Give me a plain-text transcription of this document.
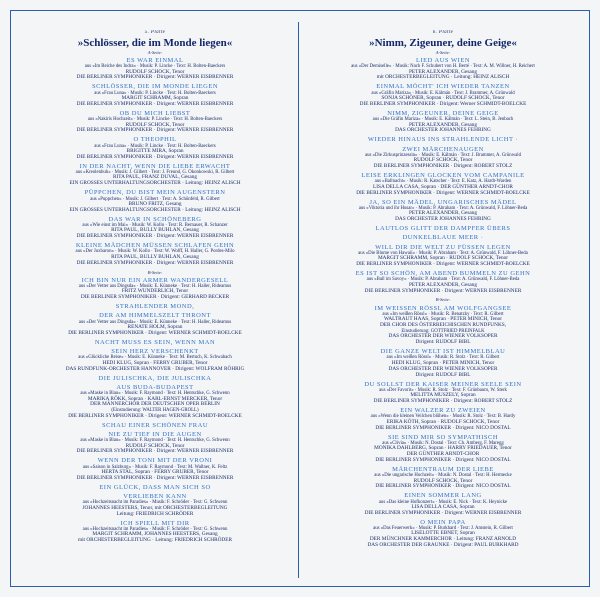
5. Platte
»Schlösser, die im Monde liegen«
A-Seite:
ES WAR EINMAL
aus »Im Reiche des Indra« · Musik: P. Lincke · Text: H. Bolten-Baeckers
RUDOLF SCHOCK, Tenor
DIE BERLINER SYMPHONIKER · Dirigent: WERNER EISBRENNER
SCHLÖSSER, DIE IM MONDE LIEGEN
aus »Frau Luna« · Musik: P. Lincke · Text: H. Bolten-Baeckers
MARGIT SCHRAMM, Sopran
DIE BERLINER SYMPHONIKER · Dirigent: WERNER EISBRENNER
OB DU MICH LIEBST
aus »Nakiris Hochzeit« · Musik: P. Lincke · Text: H. Bolten-Baeckers
RUDOLF SCHOCK, Tenor
DIE BERLINER SYMPHONIKER · Dirigent: WERNER EISBRENNER
O THEOPHIL
aus »Frau Luna« · Musik: P. Lincke · Text: H. Bolten-Baeckers
BRIGITTE MIRA, Sopran
DIE BERLINER SYMPHONIKER · Dirigent: WERNER EISBRENNER
IN DER NACHT, WENN DIE LIEBE ERWACHT
aus »Kreolenbuh« · Musik: J. Gilbert · Text: J. Freund, G. Okonkowski, R. Gilbert
RITA PAUL, FRANZ DUVAL, Gesang
EIN GROSSES UNTERHALTUNGSORCHESTER · Leitung: HEINZ ALISCH
PÜPPCHEN, DU BIST MEIN AUGENSTERN
aus »Puppchen« · Musik: J. Gilbert · Text: A. Schönfeld, R. Gilbert
BRUNO FRITZ, Gesang
EIN GROSSES UNTERHALTUNGSORCHESTER · Leitung: HEINZ ALISCH
DAS WAR IN SCHÖNEBERG
aus »Wie einst im Mai« · Musik: W. Kollo · Text: R. Bernauer, R. Schanzer
RITA PAUL, BULLY BUHLAN, Gesang
DIE BERLINER SYMPHONIKER · Dirigent: WERNER EISBRENNER
KLEINE MÄDCHEN MÜSSEN SCHLAFEN GEHN
aus »Der Juxbaron« · Musik: W. Kollo · Text: W. Wolff, H. Haller, G. Pordes-Milo
RITA PAUL, BULLY BUHLAN, Gesang
DIE BERLINER SYMPHONIKER · Dirigent: WERNER EISBRENNER
B-Seite:
ICH BIN NUR EIN ARMER WANDERGESELL
aus »Der Vetter aus Dingsda« · Musik: E. Künneke · Text: H. Haller, Rideamus
FRITZ WUNDERLICH, Tenor
DIE BERLINER SYMPHONIKER · Dirigent: GERHARD BECKER
STRAHLENDER MOND,
DER AM HIMMELSZELT THRONT
aus »Der Vetter aus Dingsda« · Musik: E. Künneke · Text: H. Haller, Rideamus
RENATE HOLM, Sopran
DIE BERLINER SYMPHONIKER · Dirigent: WERNER SCHMIDT-BOELCKE
NACHT MUSS ES SEIN, WENN MAN
SEIN HERZ VERSCHENKT
aus »Glückliche Reise« · Musik: E. Künneke · Text: M. Bertuch, K. Schwabach
HEDI KLUG, Sopran · FERRY GRUBER, Tenor
DAS RUNDFUNK-ORCHESTER HANNOVER · Dirigent: WOLFRAM RÖHRIG
DIE JULISCHKA, DIE JULISCHKA
AUS BUDA-BUDAPEST
aus »Maske in Blau« · Musik: F. Raymond · Text: H. Hentschke, G. Schwenn
MARIKA RÖKK, Sopran · KARL-ERNST MERCKER, Tenor
DER MÄNNERCHOR DER DEUTSCHEN OPER BERLIN
(Einstudierung: WALTER HAGEN-GROLL)
DIE BERLINER SYMPHONIKER · Dirigent: WERNER SCHMIDT-BOELCKE
SCHAU EINER SCHÖNEN FRAU
NIE ZU TIEF IN DIE AUGEN
aus »Maske in Blau« · Musik: F. Raymond · Text: H. Hentschke, G. Schwenn
RUDOLF SCHOCK, Tenor
DIE BERLINER SYMPHONIKER · Dirigent: WERNER EISBRENNER
WENN DER TONI MIT DER VRONI
aus »Saison in Salzburg« · Musik: F. Raymond · Text: M. Wallner, K. Feltz
HERTA STAL, Sopran · FERRY GRUBER, Tenor
DIE BERLINER SYMPHONIKER · Dirigent: WERNER EISBRENNER
EIN GLÜCK, DASS MAN SICH SO
VERLIEBEN KANN
aus »Hochzeitsnacht im Paradies« · Musik: F. Schröder · Text: G. Schwenn
JOHANNES HEESTERS, Tenor, mit ORCHESTERBEGLEITUNG
Leitung: FRIEDRICH SCHRÖDER
ICH SPIELL MIT DIR
aus »Hochzeitsnacht im Paradies« · Musik: F. Schröder · Text: G. Schwenn
MARGIT SCHRAMM, JOHANNES HEESTERS, Gesang
mit ORCHESTERBEGLEITUNG · Leitung: FRIEDRICH SCHRÖDER
6. Platte
»Nimm, Zigeuner, deine Geige«
A-Seite:
LIED AUS WIEN
aus »Der Demiselle« · Musik: Nach F. Schubert von H. Berté · Text: A. M. Willner, H. Reichert
PETER ALEXANDER, Gesang
mit ORCHESTERBEGLEITUNG · Leitung: HEINZ ALISCH
EINMAL MÖCHT' ICH WIEDER TANZEN
aus »Gräfin Mariza« · Musik: E. Kálmán · Text: J. Brammer, A. Grünwald
SONJA SCHÖNER, Sopran · RUDOLF SCHOCK, Tenor
DIE BERLINER SYMPHONIKER · Dirigent: Werner SCHMIDT-BOELCKE
NIMM, ZIGEUNER, DEINE GEIGE
aus »Die Gräfin Mariza« · Musik: E. Kálmán · Text: L. Stein, B. Jenbach
PETER ALEXANDER, Gesang
DAS ORCHESTER JOHANNES FEHRING
WIEDER HINAUS INS STRAHLENDE LICHT ·
ZWEI MÄRCHENAUGEN
aus »Die Zirkusprinzessin« · Musik: E. Kálmán · Text: J. Brammer, A. Grünwald
RUDOLF SCHOCK, Tenor
DIE BERLINER SYMPHONIKER · Dirigent: ROBERT STOLZ
LEISE ERKLINGEN GLOCKEN VOM CAMPANILE
aus »Ballnacht« · Musik: R. Katscher · Text: E. Katz, A. Hardt-Warden
LISA DELLA CASA, Sopran · DER GÜNTHER ARNDT-CHOR
DIE BERLINER SYMPHONIKER · Dirigent: WERNER SCHMIDT-BOELCKE
JA, SO EIN MÄDEL, UNGARISCHES MÄDEL
aus »Viktoria und ihr Husar« · Musik: P. Abraham · Text: A. Grünwald, F. Löhner-Beda
PETER ALEXANDER, Gesang
DAS ORCHESTER JOHANNES FEHRING
LAUTLOS GLITT DER DAMPFER ÜBERS
DUNKELBLAUE MEER ·
WILL DIR DIE WELT ZU FÜSSEN LEGEN
aus »Die Blume von Hawaii« · Musik: P. Abraham · Text: A. Grünwald, F. Löhner-Beda
MARGIT SCHRAMM, Sopran · RUDOLF SCHOCK, Tenor
DIE BERLINER SYMPHONIKER · Dirigent: WERNER SCHMIDT-BOELCKE
ES IST SO SCHÖN, AM ABEND BUMMELN ZU GEHN
aus »Ball im Savoy« · Musik: P. Abraham · Text: A. Grünwald, F. Löhner-Beda
PETER ALEXANDER, Gesang
DIE BERLINER SYMPHONIKER · Dirigent: WERNER EISBRENNER
B-Seite:
IM WEISSEN RÖSSL AM WOLFGANGSEE
aus »Im weißen Rössl« · Musik: R. Benatzky · Text: R. Gilbert
WALTRAUT HAAS, Sopran · PETER MINICH, Tenor
DER CHOR DES ÖSTERREICHISCHEN RUNDFUNKS,
Einstudierung: GOTTFRIED PREINFALK
DAS ORCHESTER DER WIENER VOLKSOPER
Dirigent: RUDOLF BIBL
DIE GANZE WELT IST HIMMELBLAU
aus »Im weißen Rössl« · Musik: R. Stolz · Text: R. Gilbert
HEDI KLUG, Sopran · PETER MINICH, Tenor
DAS ORCHESTER DER WIENER VOLKSOPER
Dirigent: RUDOLF BIBL
DU SOLLST DER KAISER MEINER SEELE SEIN
aus »Der Favorit« · Musik: R. Stolz · Text: F. Grünbaum, W. Sterk
MELITTA MUSZELY, Sopran
DIE BERLINER SYMPHONIKER · Dirigent: ROBERT STOLZ
EIN WALZER ZU ZWEIEN
aus »Wenn die kleinen Veilchen blühen« · Musik: R. Stolz · Text: B. Hardy
ERIKA KÖTH, Sopran · RUDOLF SCHOCK, Tenor
DIE BERLINER SYMPHONIKER · Dirigent: NICO DOSTAL
SIE SIND MIR SO SYMPATHISCH
aus »Clivia« · Musik: N. Dostal · Text: Ch. Amberg, F. Maregg
MONIKA DAHLBERG, Sopran · HARRY FRIEDAUER, Tenor
DER GÜNTHER ARNDT-CHOR
DIE BERLINER SYMPHONIKER · Dirigent: NICO DOSTAL
MÄRCHENTRAUM DER LIEBE
aus »Die ungarische Hochzeit« · Musik: N. Dostal · Text: H. Hermecke
RUDOLF SCHOCK, Tenor
DIE BERLINER SYMPHONIKER · Dirigent: NICO DOSTAL
EINEN SOMMER LANG
aus »Das kleine Hofkonzert« · Musik: E. Nick · Text: K. Heynicke
LISA DELLA CASA, Sopran
DIE BERLINER SYMPHONIKER · Dirigent: WERNER EISBRENNER
O MEIN PAPA
aus »Das Feuerwerk« · Musik: P. Burkhard · Text: J. Amstein, R. Gilbert
LISELOTTE EBNET, Sopran
DER MÜNCHNER KAMMERCHOR · Leitung: FRANZ ARNOLD
DAS ORCHESTER DER GRAUNKE · Dirigent: PAUL BURKHARD
